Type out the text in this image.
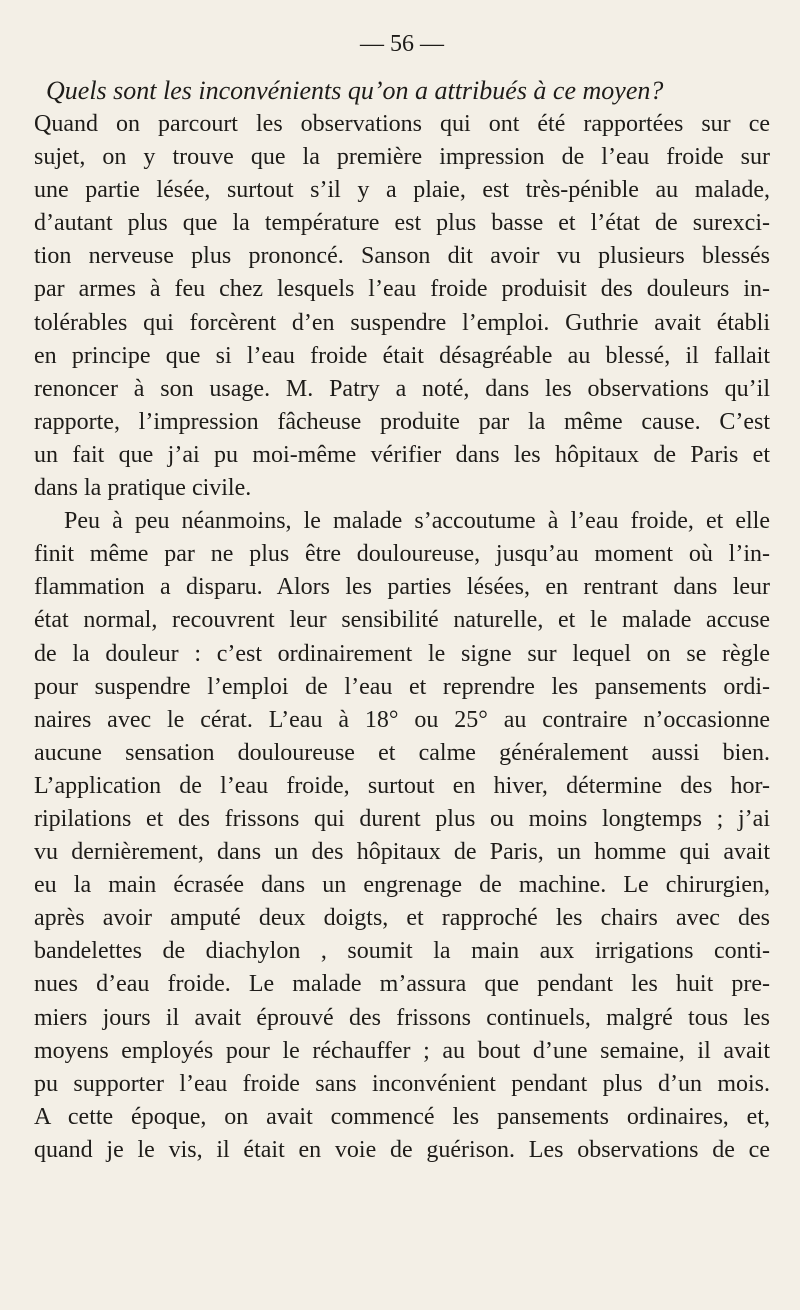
— 56 —
Quels sont les inconvénients qu’on a attribués à ce moyen?
Quand on parcourt les observations qui ont été rapportées sur ce
sujet, on y trouve que la première impression de l’eau froide sur
une partie lésée, surtout s’il y a plaie, est très-pénible au malade,
d’autant plus que la température est plus basse et l’état de surexci-
tion nerveuse plus prononcé. Sanson dit avoir vu plusieurs blessés
par armes à feu chez lesquels l’eau froide produisit des douleurs in-
tolérables qui forcèrent d’en suspendre l’emploi. Guthrie avait établi
en principe que si l’eau froide était désagréable au blessé, il fallait
renoncer à son usage. M. Patry a noté, dans les observations qu’il
rapporte, l’impression fâcheuse produite par la même cause. C’est
un fait que j’ai pu moi-même vérifier dans les hôpitaux de Paris et
dans la pratique civile.
Peu à peu néanmoins, le malade s’accoutume à l’eau froide, et elle
finit même par ne plus être douloureuse, jusqu’au moment où l’in-
flammation a disparu. Alors les parties lésées, en rentrant dans leur
état normal, recouvrent leur sensibilité naturelle, et le malade accuse
de la douleur : c’est ordinairement le signe sur lequel on se règle
pour suspendre l’emploi de l’eau et reprendre les pansements ordi-
naires avec le cérat. L’eau à 18° ou 25° au contraire n’occasionne
aucune sensation douloureuse et calme généralement aussi bien.
L’application de l’eau froide, surtout en hiver, détermine des hor-
ripilations et des frissons qui durent plus ou moins longtemps ; j’ai
vu dernièrement, dans un des hôpitaux de Paris, un homme qui avait
eu la main écrasée dans un engrenage de machine. Le chirurgien,
après avoir amputé deux doigts, et rapproché les chairs avec des
bandelettes de diachylon , soumit la main aux irrigations conti-
nues d’eau froide. Le malade m’assura que pendant les huit pre-
miers jours il avait éprouvé des frissons continuels, malgré tous les
moyens employés pour le réchauffer ; au bout d’une semaine, il avait
pu supporter l’eau froide sans inconvénient pendant plus d’un mois.
A cette époque, on avait commencé les pansements ordinaires, et,
quand je le vis, il était en voie de guérison. Les observations de ce
